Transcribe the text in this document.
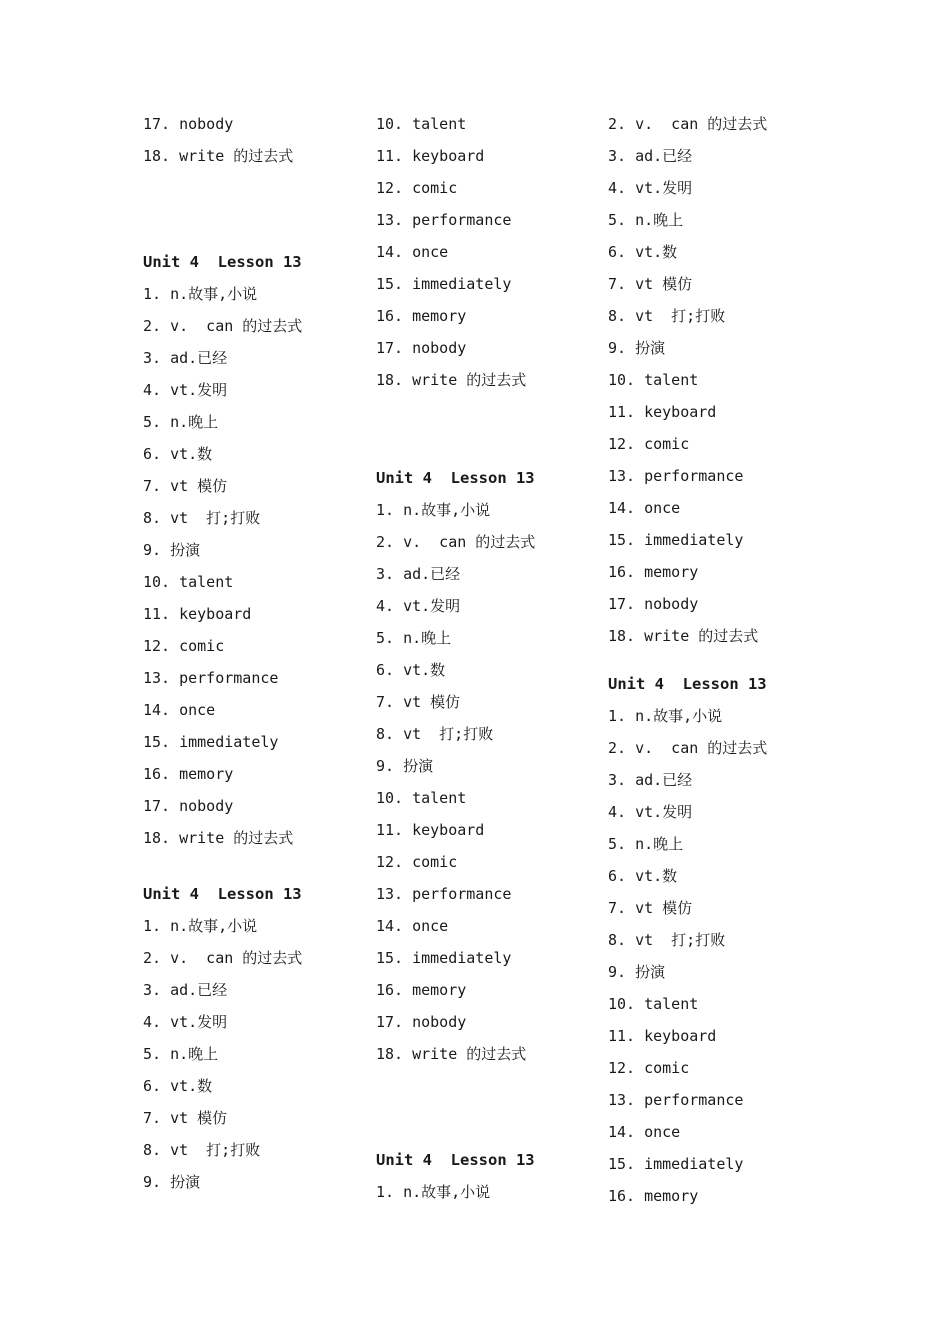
17. nobody
18. write 的过去式
Unit 4  Lesson 13
1. n.故事,小说
2. v.  can 的过去式
3. ad.已经
4. vt.发明
5. n.晚上
6. vt.数
7. vt 模仿
8. vt  打;打败
9. 扮演
10. talent
11. keyboard
12. comic
13. performance
14. once
15. immediately
16. memory
17. nobody
18. write 的过去式
Unit 4  Lesson 13
1. n.故事,小说
2. v.  can 的过去式
3. ad.已经
4. vt.发明
5. n.晚上
6. vt.数
7. vt 模仿
8. vt  打;打败
9. 扮演
10. talent
11. keyboard
12. comic
13. performance
14. once
15. immediately
16. memory
17. nobody
18. write 的过去式
Unit 4  Lesson 13
1. n.故事,小说
2. v.  can 的过去式
3. ad.已经
4. vt.发明
5. n.晚上
6. vt.数
7. vt 模仿
8. vt  打;打败
9. 扮演
10. talent
11. keyboard
12. comic
13. performance
14. once
15. immediately
16. memory
17. nobody
18. write 的过去式
Unit 4  Lesson 13
1. n.故事,小说
2. v.  can 的过去式
3. ad.已经
4. vt.发明
5. n.晚上
6. vt.数
7. vt 模仿
8. vt  打;打败
9. 扮演
10. talent
11. keyboard
12. comic
13. performance
14. once
15. immediately
16. memory
17. nobody
18. write 的过去式
Unit 4  Lesson 13
1. n.故事,小说
2. v.  can 的过去式
3. ad.已经
4. vt.发明
5. n.晚上
6. vt.数
7. vt 模仿
8. vt  打;打败
9. 扮演
10. talent
11. keyboard
12. comic
13. performance
14. once
15. immediately
16. memory
